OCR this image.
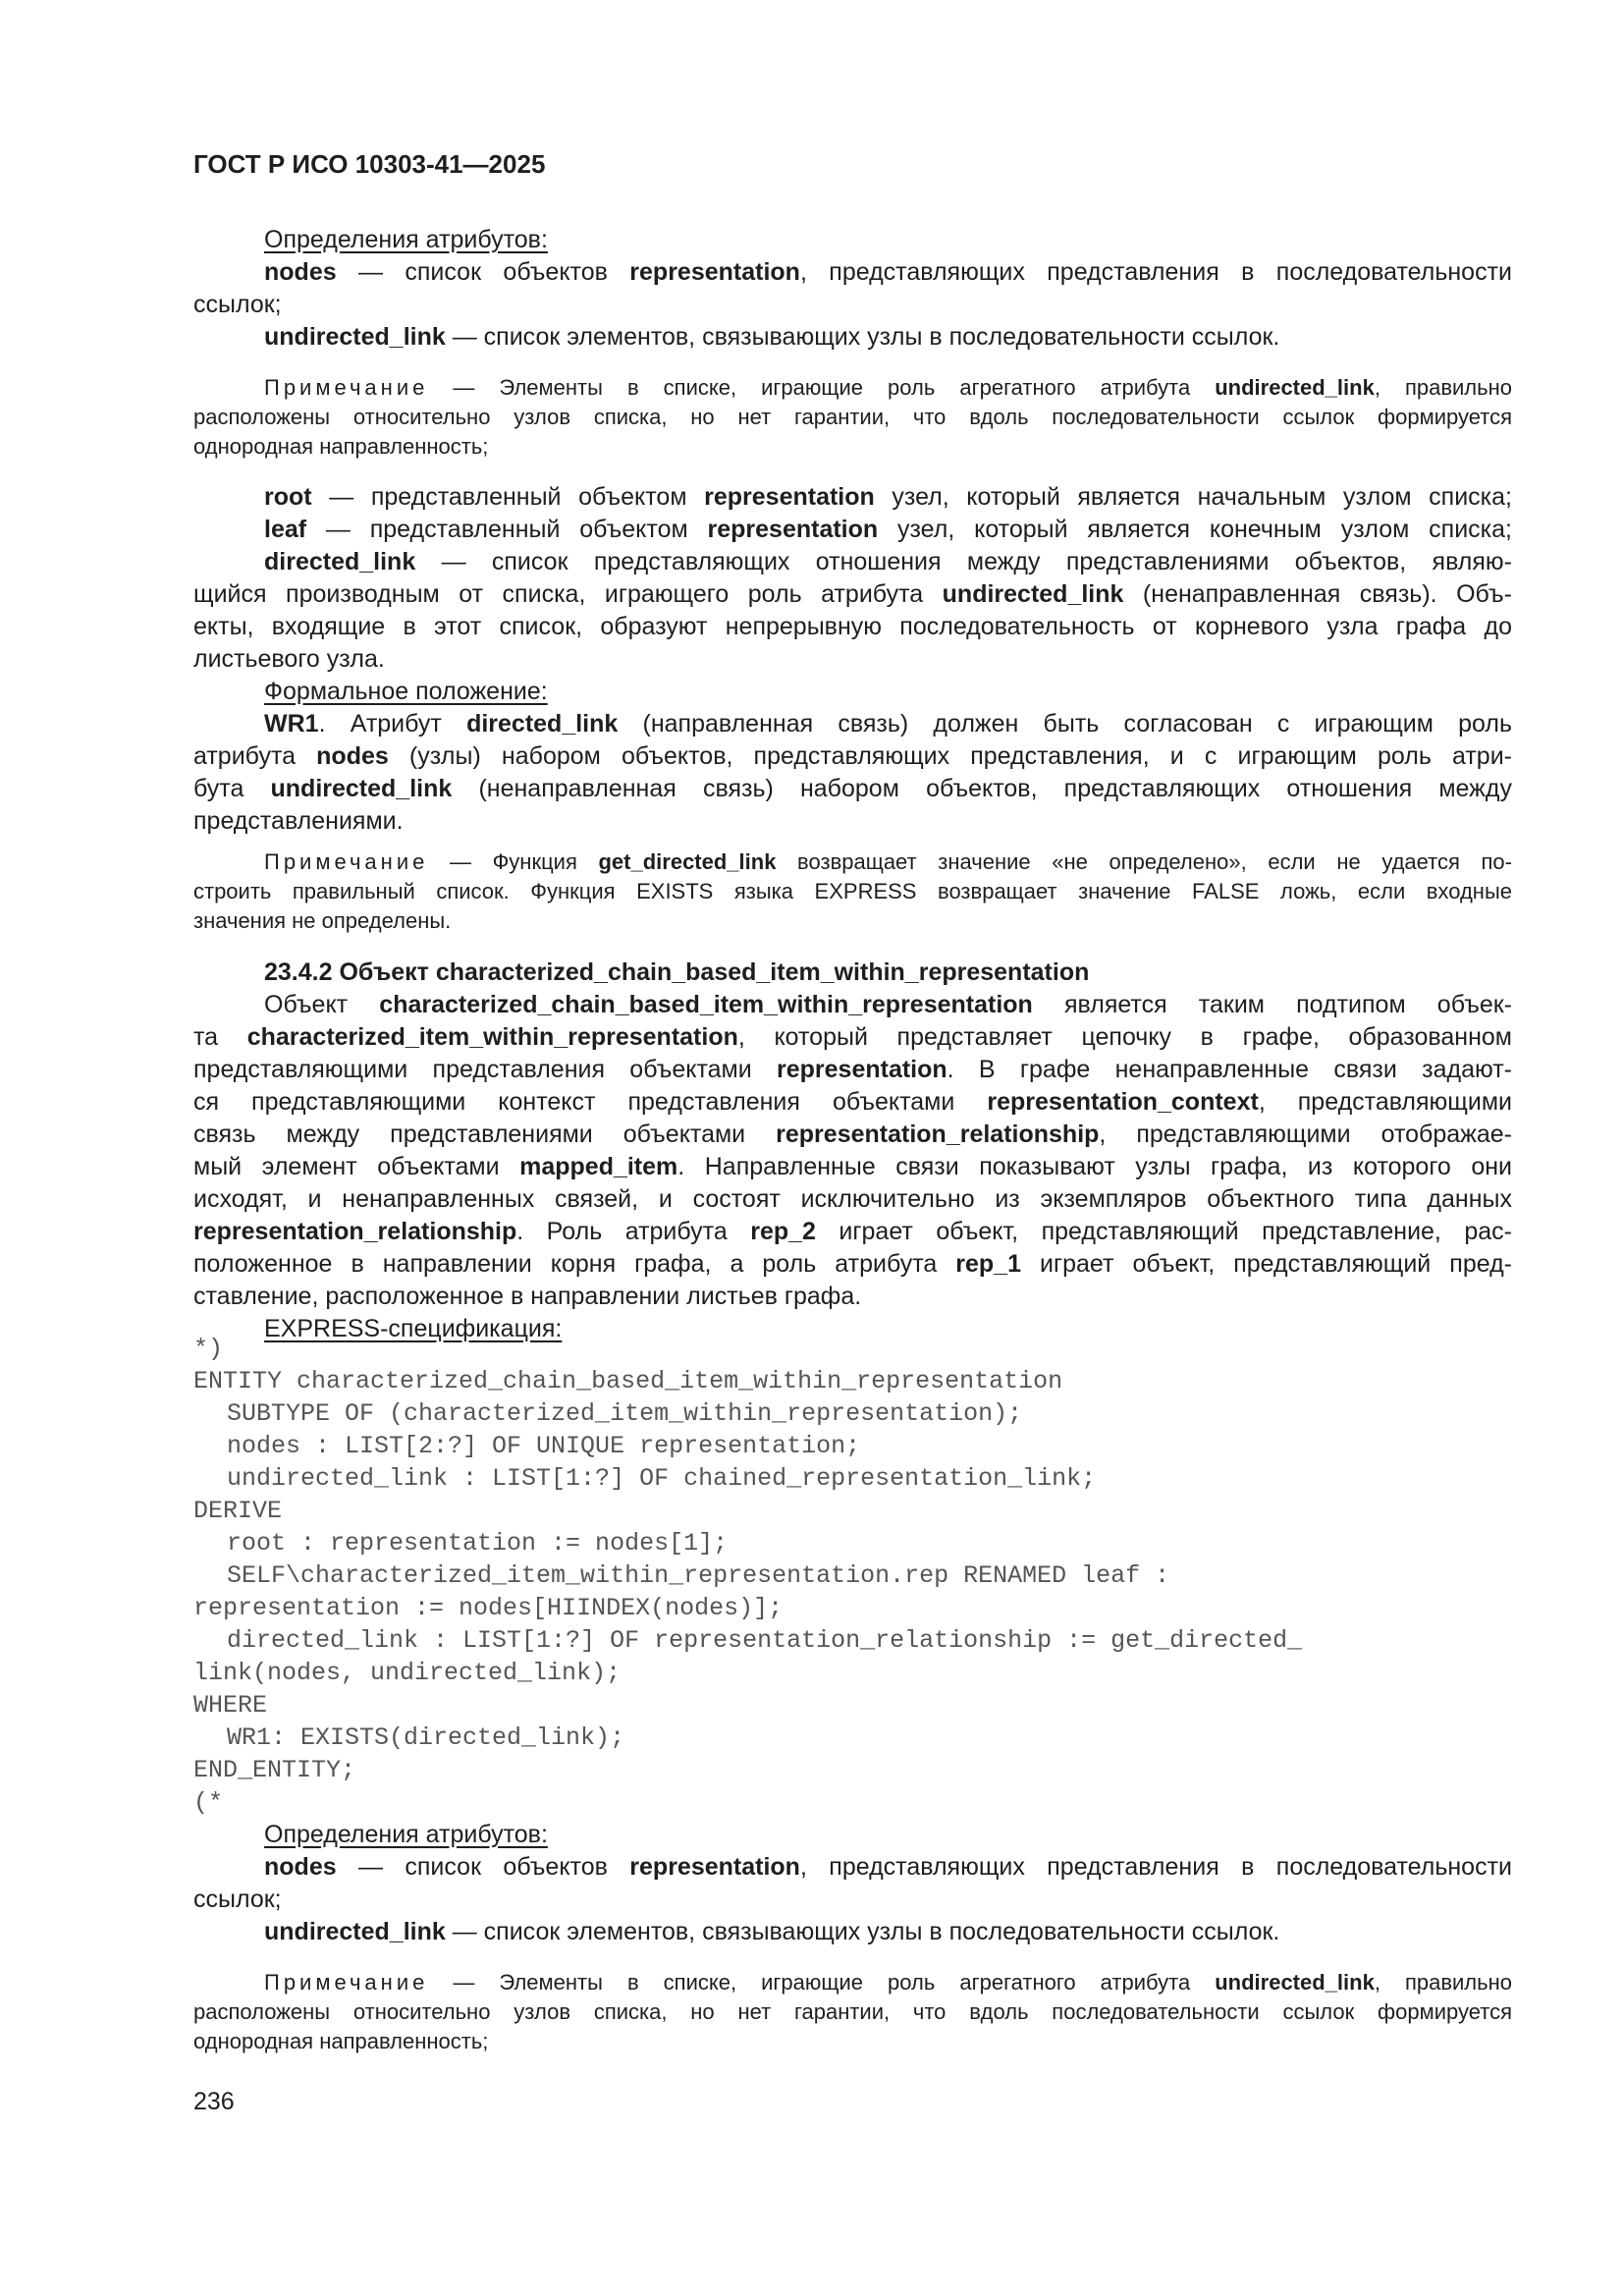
ГОСТ Р ИСО 10303-41—2025
Определения атрибутов:
nodes — список объектов representation, представляющих представления в последовательности
ссылок;
undirected_link — список элементов, связывающих узлы в последовательности ссылок.
Примечание — Элементы в списке, играющие роль агрегатного атрибута undirected_link, правильно
расположены относительно узлов списка, но нет гарантии, что вдоль последовательности ссылок формируется
однородная направленность;
root — представленный объектом representation узел, который является начальным узлом списка;
leaf — представленный объектом representation узел, который является конечным узлом списка;
directed_link — список представляющих отношения между представлениями объектов, являю-
щийся производным от списка, играющего роль атрибута undirected_link (ненаправленная связь). Объ-
екты, входящие в этот список, образуют непрерывную последовательность от корневого узла графа до
листьевого узла.
Формальное положение:
WR1. Атрибут directed_link (направленная связь) должен быть согласован с играющим роль
атрибута nodes (узлы) набором объектов, представляющих представления, и с играющим роль атри-
бута undirected_link (ненаправленная связь) набором объектов, представляющих отношения между
представлениями.
Примечание — Функция get_directed_link возвращает значение «не определено», если не удается по-
строить правильный список. Функция EXISTS языка EXPRESS возвращает значение FALSE ложь, если входные
значения не определены.
23.4.2 Объект characterized_chain_based_item_within_representation
Объект characterized_chain_based_item_within_representation является таким подтипом объек-
та characterized_item_within_representation, который представляет цепочку в графе, образованном
представляющими представления объектами representation. В графе ненаправленные связи задают-
ся представляющими контекст представления объектами representation_context, представляющими
связь между представлениями объектами representation_relationship, представляющими отображае-
мый элемент объектами mapped_item. Направленные связи показывают узлы графа, из которого они
исходят, и ненаправленных связей, и состоят исключительно из экземпляров объектного типа данных
representation_relationship. Роль атрибута rep_2 играет объект, представляющий представление, рас-
положенное в направлении корня графа, а роль атрибута rep_1 играет объект, представляющий пред-
ставление, расположенное в направлении листьев графа.
EXPRESS-спецификация:
*)
ENTITY characterized_chain_based_item_within_representation
SUBTYPE OF (characterized_item_within_representation);
nodes : LIST[2:?] OF UNIQUE representation;
undirected_link : LIST[1:?] OF chained_representation_link;
DERIVE
root : representation := nodes[1];
SELF\characterized_item_within_representation.rep RENAMED leaf :
representation := nodes[HIINDEX(nodes)];
directed_link : LIST[1:?] OF representation_relationship := get_directed_
link(nodes, undirected_link);
WHERE
WR1: EXISTS(directed_link);
END_ENTITY;
(*
Определения атрибутов:
nodes — список объектов representation, представляющих представления в последовательности
ссылок;
undirected_link — список элементов, связывающих узлы в последовательности ссылок.
Примечание — Элементы в списке, играющие роль агрегатного атрибута undirected_link, правильно
расположены относительно узлов списка, но нет гарантии, что вдоль последовательности ссылок формируется
однородная направленность;
236
